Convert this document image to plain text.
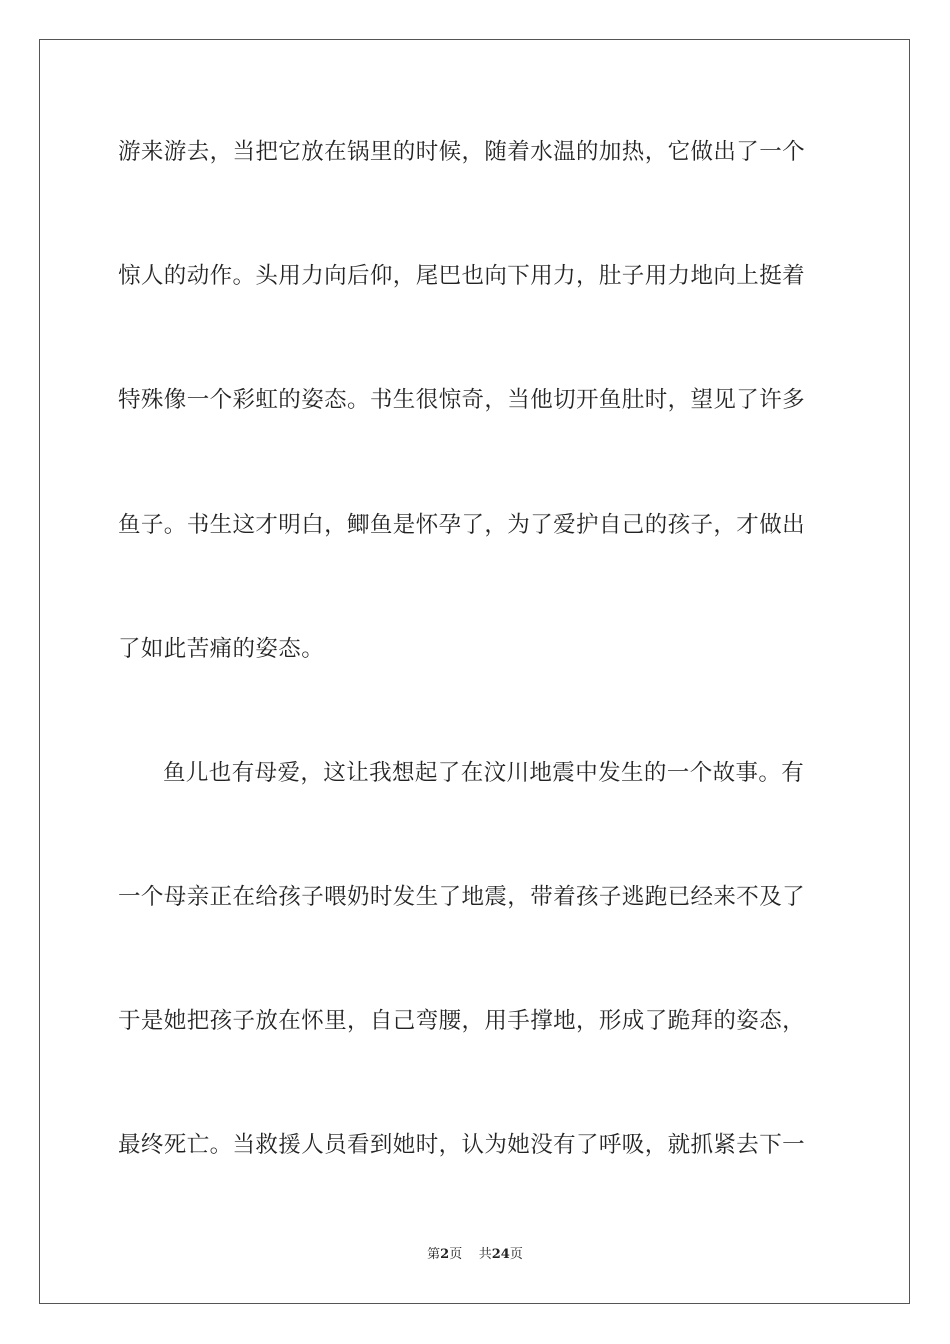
游来游去，当把它放在锅里的时候，随着水温的加热，它做出了一个
惊人的动作。头用力向后仰，尾巴也向下用力，肚子用力地向上挺着
特殊像一个彩虹的姿态。书生很惊奇，当他切开鱼肚时，望见了许多
鱼子。书生这才明白，鲫鱼是怀孕了，为了爱护自己的孩子，才做出
了如此苦痛的姿态。
鱼儿也有母爱，这让我想起了在汶川地震中发生的一个故事。有
一个母亲正在给孩子喂奶时发生了地震，带着孩子逃跑已经来不及了
于是她把孩子放在怀里，自己弯腰，用手撑地，形成了跪拜的姿态，
最终死亡。当救援人员看到她时，认为她没有了呼吸，就抓紧去下一
第2页 共24页
